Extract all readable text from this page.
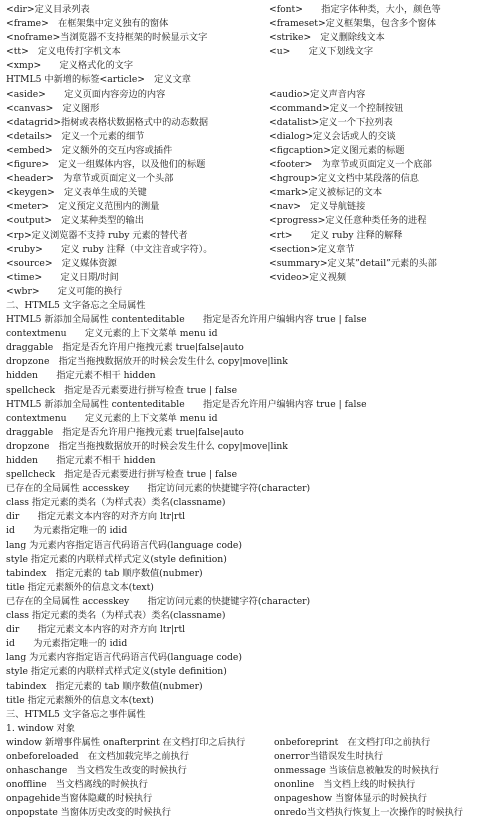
<dir>定义目录列表	<font>　　指定字体种类，大小，颜色等
<frame>　在框架集中定义独有的窗体	<frameset>定义框架集，包含多个窗体
<noframe>当浏览器不支持框架的时候显示文字	<strike>　定义删除线文本
<tt>　定义电传打字机文本	<u>　　定义下划线文字
<xmp>　　定义格式化的文字
HTML5 中新增的标签<article>　定义文章
<aside>　　定义页面内容旁边的内容	<audio>定义声音内容
<canvas>　定义图形	<command>定义一个控制按钮
<datagrid>指树或表格状数据格式中的动态数据	<datalist>定义一个下拉列表
<details>　定义一个元素的细节	<dialog>定义会话或人的交谈
<embed>　定义额外的交互内容或插件	<figcaption>定义图元素的标题
<figure>　定义一组媒体内容，以及他们的标题	<footer>　为章节或页面定义一个底部
<header>　为章节或页面定义一个头部	<hgroup>定义文档中某段落的信息
<keygen>　定义表单生成的关键	<mark>定义被标记的文本
<meter>　定义预定义范围内的测量	<nav>　定义导航链接
<output>　定义某种类型的输出	<progress>定义任意种类任务的进程
<rp>定义浏览器不支持 ruby 元素的替代者	<rt>　　定义 ruby 注释的解释
<ruby>　　定义 ruby 注释（中文注音或字符）。	<section>定义章节
<source>　定义媒体资源	<summary>定义某”detail”元素的头部
<time>　　定义日期/时间	<video>定义视频
<wbr>　　定义可能的换行
二、HTML5 文字备忘之全局属性
HTML5 新添加全局属性 contenteditable　　指定是否允许用户编辑内容 true | false
contextmenu　　定义元素的上下文菜单 menu id
draggable　指定是否允许用户拖拽元素 true|false|auto
dropzone　指定当拖拽数据放开的时候会发生什么 copy|move|link
hidden　　指定元素不相干 hidden
spellcheck　指定是否元素要进行拼写检查 true | false
HTML5 新添加全局属性 contenteditable　　指定是否允许用户编辑内容 true | false
contextmenu　　定义元素的上下文菜单 menu id
draggable　指定是否允许用户拖拽元素 true|false|auto
dropzone　指定当拖拽数据放开的时候会发生什么 copy|move|link
hidden　　指定元素不相干 hidden
spellcheck　指定是否元素要进行拼写检查 true | false
已存在的全局属性 accesskey　　指定访问元素的快捷键字符(character)
class 指定元素的类名（为样式表）类名(classname)
dir　　指定元素文本内容的对齐方向 ltr|rtl
id　　为元素指定唯一的 idid
lang 为元素内容指定语言代码语言代码(language code)
style 指定元素的内联样式样式定义(style definition)
tabindex　指定元素的 tab 顺序数值(nubmer)
title 指定元素额外的信息文本(text)
已存在的全局属性 accesskey　　指定访问元素的快捷键字符(character)
class 指定元素的类名（为样式表）类名(classname)
dir　　指定元素文本内容的对齐方向 ltr|rtl
id　　为元素指定唯一的 idid
lang 为元素内容指定语言代码语言代码(language code)
style 指定元素的内联样式样式定义(style definition)
tabindex　指定元素的 tab 顺序数值(nubmer)
title 指定元素额外的信息文本(text)
三、HTML5 文字备忘之事件属性
1. window 对象
window 新增事件属性 onafterprint 在文档打印之后执行	onbeforeprint　在文档打印之前执行
onbeforeloaded　在文档加载完毕之前执行	onerror当错误发生时执行
onhaschange　当文档发生改变的时候执行	onmessage 当该信息被触发的时候执行
onoffline　当文档离线的时候执行	ononline　当文档上线的时候执行
onpagehide当窗体隐藏的时候执行	onpageshow 当窗体显示的时候执行
onpopstate 当窗体历史改变的时候执行	onredo当文档执行恢复上一次操作的时候执行
